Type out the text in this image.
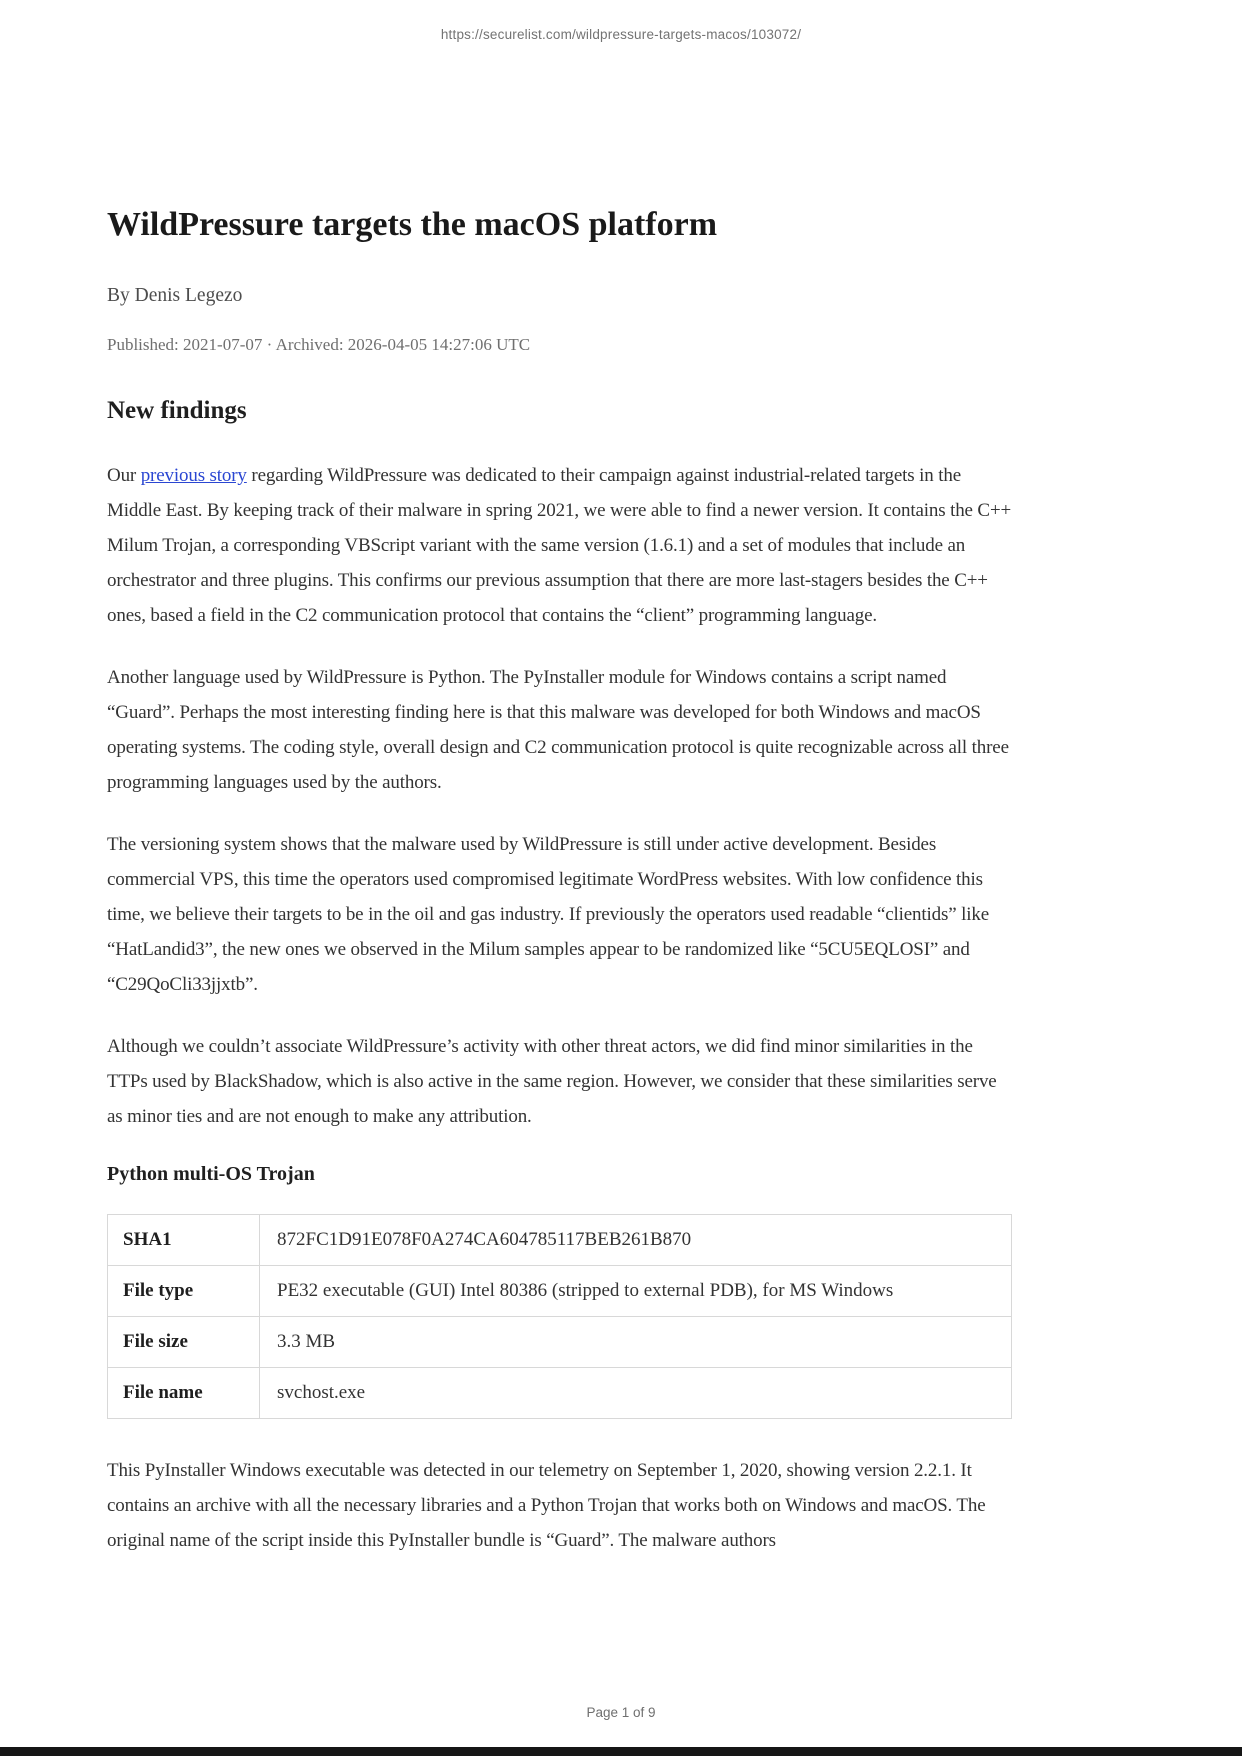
https://securelist.com/wildpressure-targets-macos/103072/
WildPressure targets the macOS platform
By Denis Legezo
Published: 2021-07-07 · Archived: 2026-04-05 14:27:06 UTC
New findings

Our previous story regarding WildPressure was dedicated to their campaign against industrial-related targets in the Middle East. By keeping track of their malware in spring 2021, we were able to find a newer version. It contains the C++ Milum Trojan, a corresponding VBScript variant with the same version (1.6.1) and a set of modules that include an orchestrator and three plugins. This confirms our previous assumption that there are more last-stagers besides the C++ ones, based a field in the C2 communication protocol that contains the “client” programming language.

Another language used by WildPressure is Python. The PyInstaller module for Windows contains a script named “Guard”. Perhaps the most interesting finding here is that this malware was developed for both Windows and macOS operating systems. The coding style, overall design and C2 communication protocol is quite recognizable across all three programming languages used by the authors.

The versioning system shows that the malware used by WildPressure is still under active development. Besides commercial VPS, this time the operators used compromised legitimate WordPress websites. With low confidence this time, we believe their targets to be in the oil and gas industry. If previously the operators used readable “clientids” like “HatLandid3”, the new ones we observed in the Milum samples appear to be randomized like “5CU5EQLOSI” and “C29QoCli33jjxtb”.

Although we couldn’t associate WildPressure’s activity with other threat actors, we did find minor similarities in the TTPs used by BlackShadow, which is also active in the same region. However, we consider that these similarities serve as minor ties and are not enough to make any attribution.

Python multi-OS Trojan
SHA1	872FC1D91E078F0A274CA604785117BEB261B870
File type	PE32 executable (GUI) Intel 80386 (stripped to external PDB), for MS Windows
File size	3.3 MB
File name	svchost.exe

This PyInstaller Windows executable was detected in our telemetry on September 1, 2020, showing version 2.2.1. It contains an archive with all the necessary libraries and a Python Trojan that works both on Windows and macOS. The original name of the script inside this PyInstaller bundle is “Guard”. The malware authors

Page 1 of 9
